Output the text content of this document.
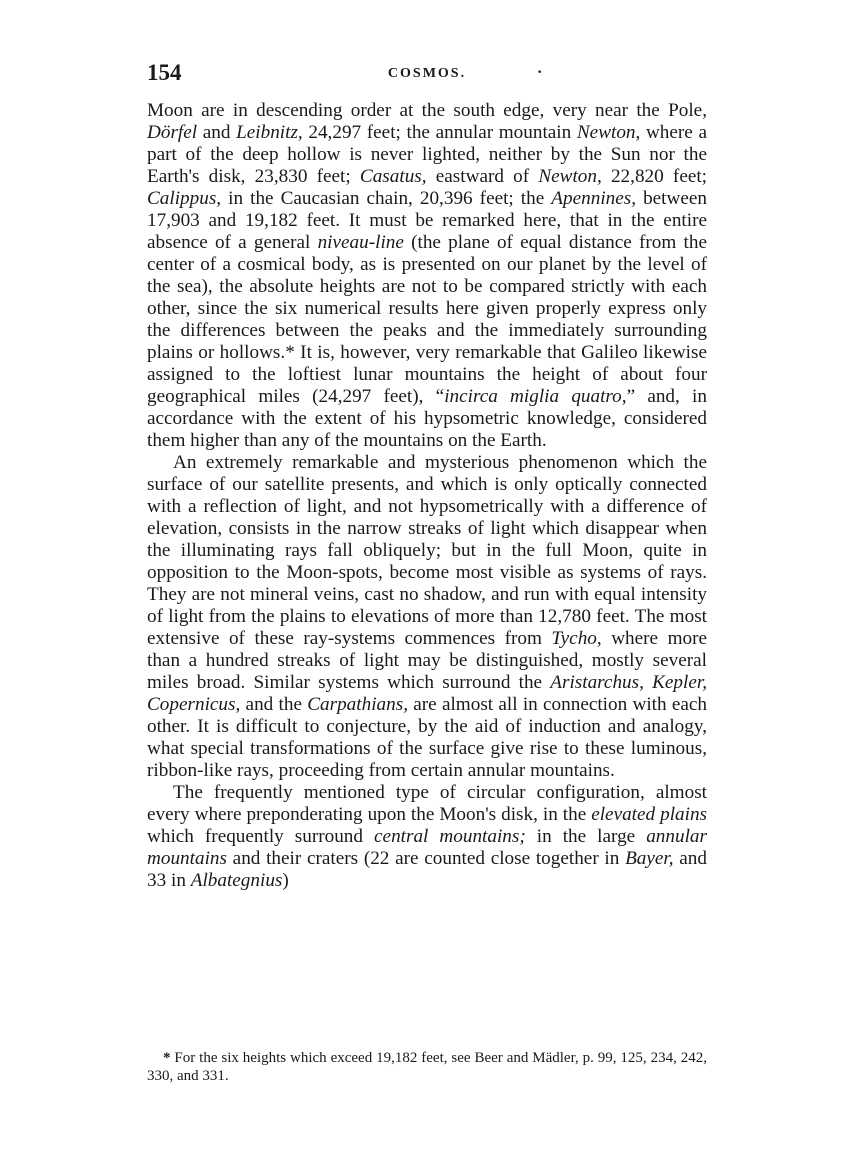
154	COSMOS.	·

Moon are in descending order at the south edge, very near the Pole, Dörfel and Leibnitz, 24,297 feet; the annular mountain Newton, where a part of the deep hollow is never lighted, neither by the Sun nor the Earth's disk, 23,830 feet; Casatus, eastward of Newton, 22,820 feet; Calippus, in the Caucasian chain, 20,396 feet; the Apennines, between 17,903 and 19,182 feet. It must be remarked here, that in the entire absence of a general niveau-line (the plane of equal distance from the center of a cosmical body, as is presented on our planet by the level of the sea), the absolute heights are not to be compared strictly with each other, since the six numerical results here given properly express only the differences between the peaks and the immediately surrounding plains or hollows.* It is, however, very remarkable that Galileo likewise assigned to the loftiest lunar mountains the height of about four geographical miles (24,297 feet), “incirca miglia quatro,” and, in accordance with the extent of his hypsometric knowledge, considered them higher than any of the mountains on the Earth.

An extremely remarkable and mysterious phenomenon which the surface of our satellite presents, and which is only optically connected with a reflection of light, and not hypsometrically with a difference of elevation, consists in the narrow streaks of light which disappear when the illuminating rays fall obliquely; but in the full Moon, quite in opposition to the Moon-spots, become most visible as systems of rays. They are not mineral veins, cast no shadow, and run with equal intensity of light from the plains to elevations of more than 12,780 feet. The most extensive of these ray-systems commences from Tycho, where more than a hundred streaks of light may be distinguished, mostly several miles broad. Similar systems which surround the Aristarchus, Kepler, Copernicus, and the Carpathians, are almost all in connection with each other. It is difficult to conjecture, by the aid of induction and analogy, what special transformations of the surface give rise to these luminous, ribbon-like rays, proceeding from certain annular mountains.

The frequently mentioned type of circular configuration, almost every where preponderating upon the Moon's disk, in the elevated plains which frequently surround central mountains; in the large annular mountains and their craters (22 are counted close together in Bayer, and 33 in Albategnius)

* For the six heights which exceed 19,182 feet, see Beer and Mädler, p. 99, 125, 234, 242, 330, and 331.
